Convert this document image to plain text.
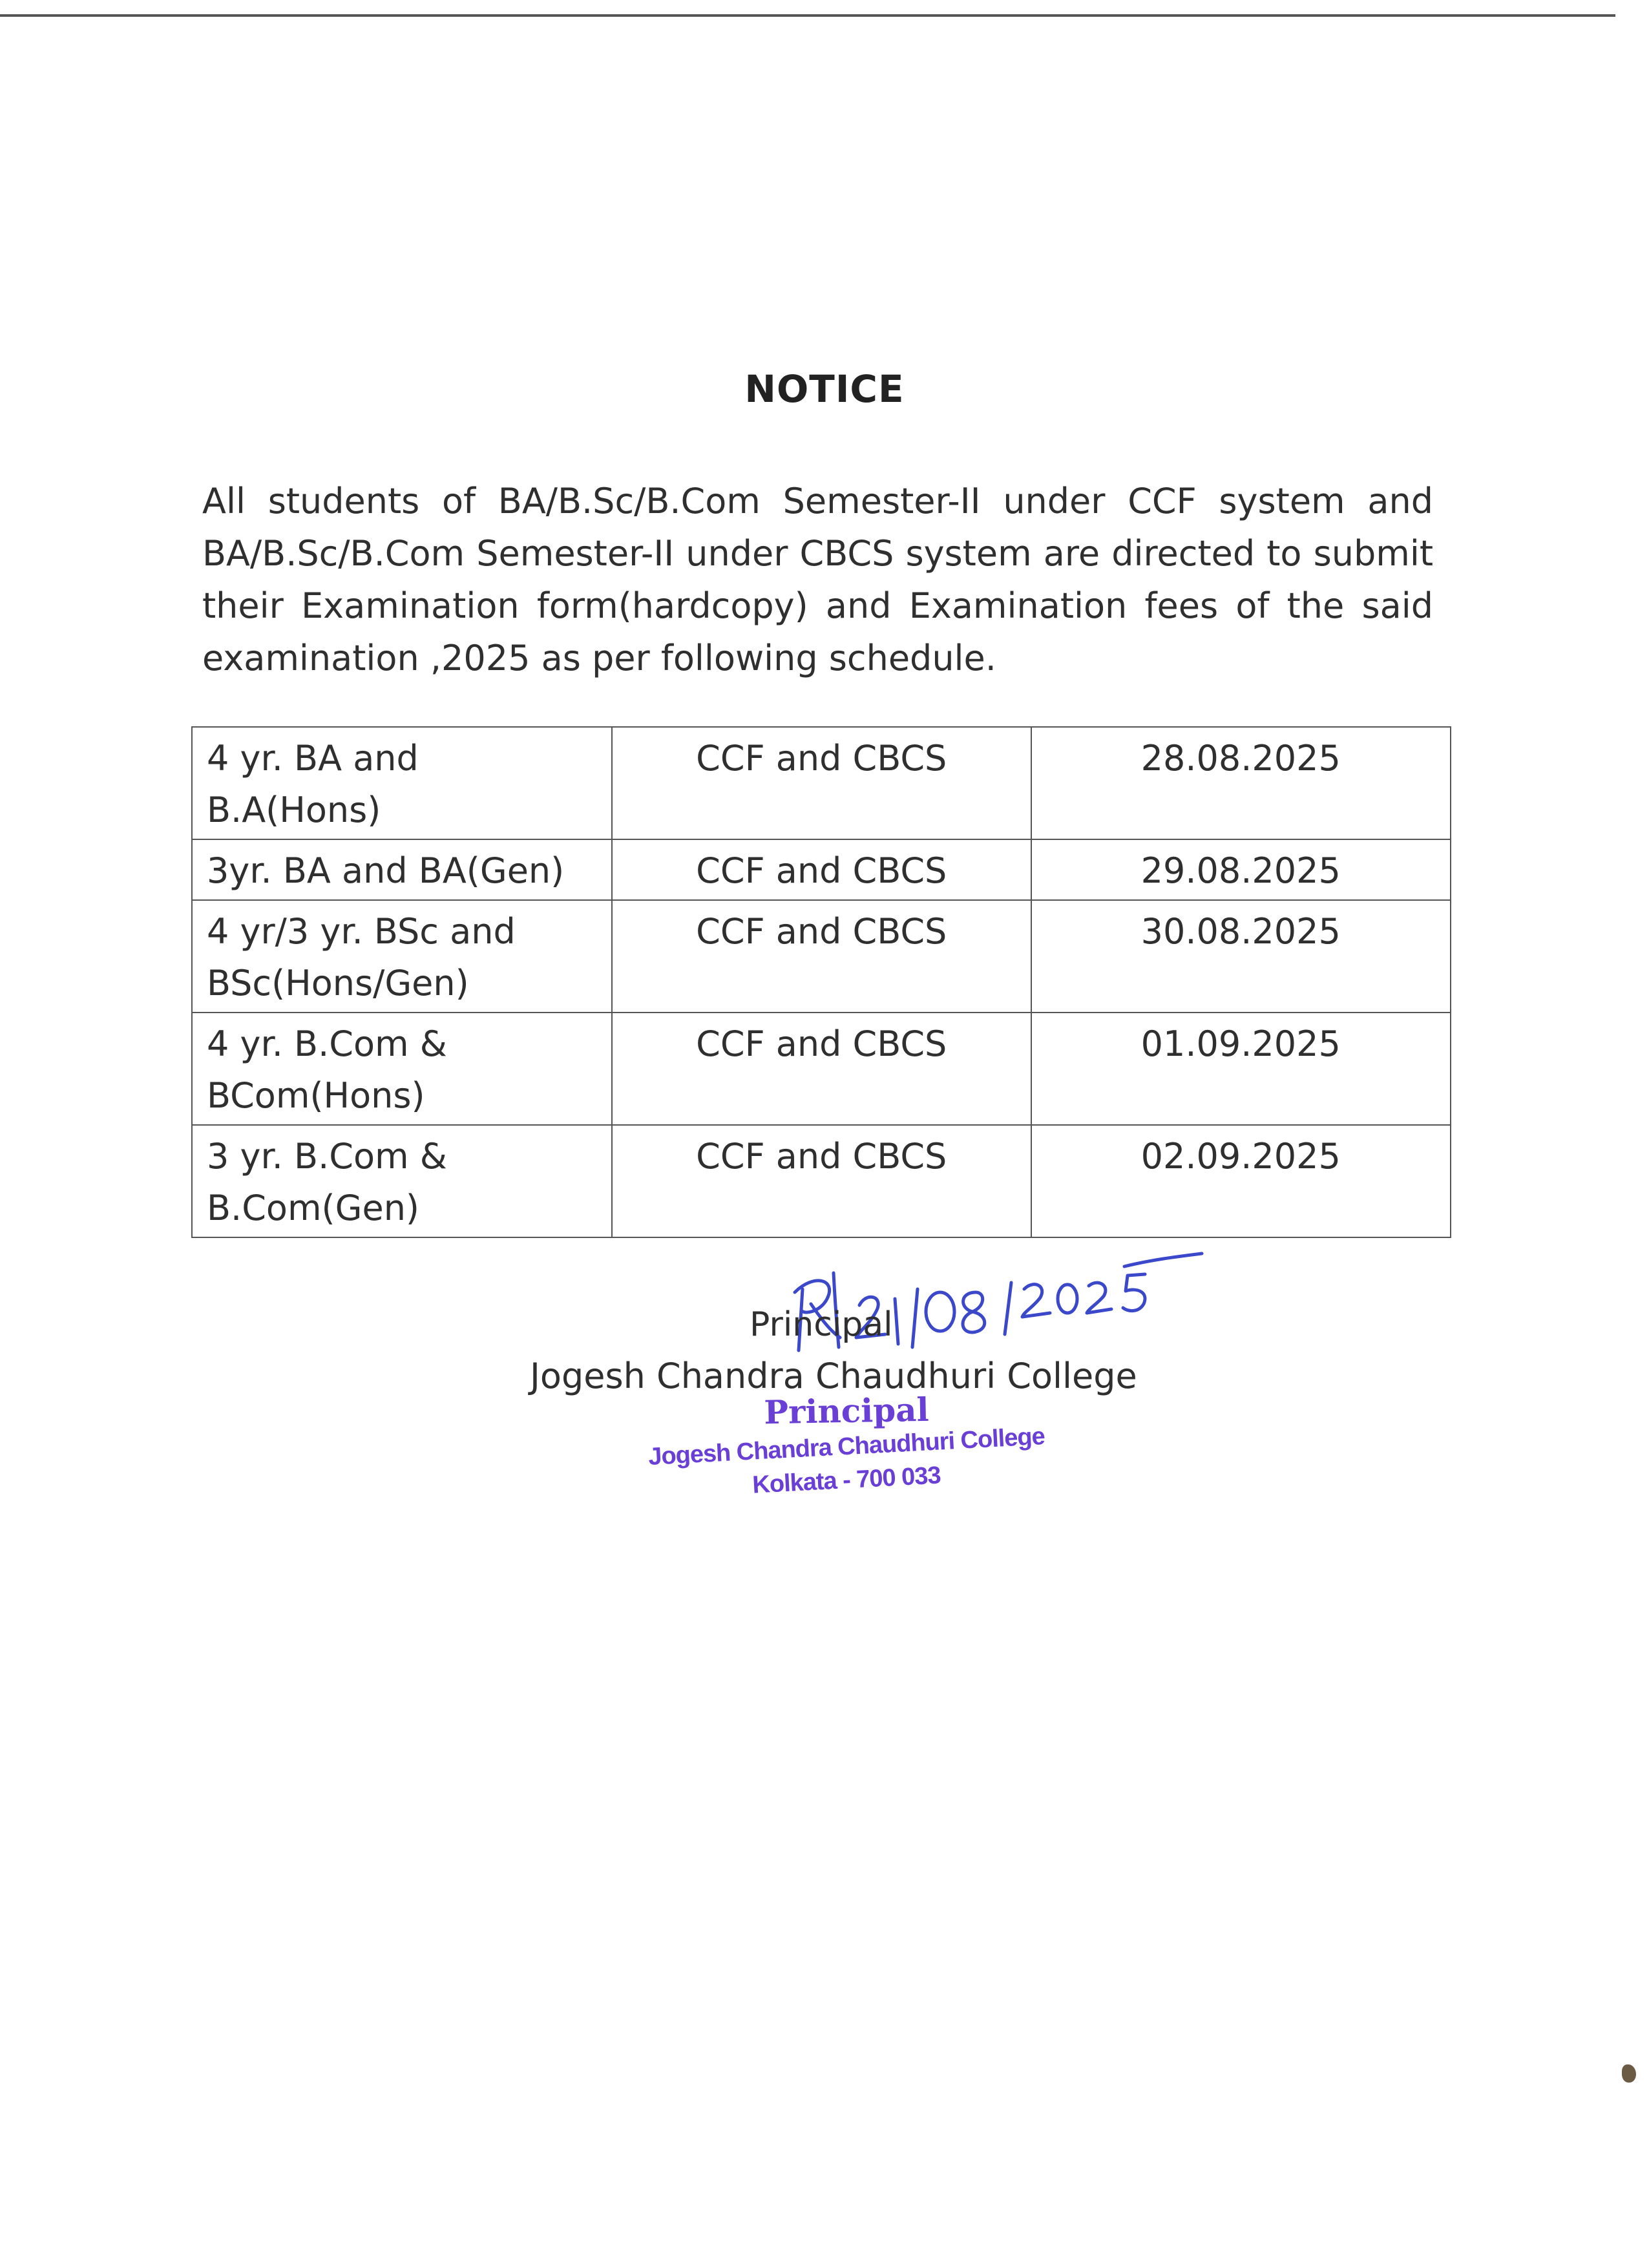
NOTICE
All students of BA/B.Sc/B.Com Semester-II under CCF system and BA/B.Sc/B.Com Semester-II under CBCS system are directed to submit their Examination form(hardcopy) and Examination fees of the said examination ,2025 as per following schedule.
4 yr. BA and B.A(Hons)	CCF and CBCS	28.08.2025
3yr. BA and BA(Gen)	CCF and CBCS	29.08.2025
4 yr/3 yr. BSc and BSc(Hons/Gen)	CCF and CBCS	30.08.2025
4 yr. B.Com & BCom(Hons)	CCF and CBCS	01.09.2025
3 yr. B.Com & B.Com(Gen)	CCF and CBCS	02.09.2025
Principal
Jogesh Chandra Chaudhuri College
Principal
Jogesh Chandra Chaudhuri College
Kolkata - 700 033
